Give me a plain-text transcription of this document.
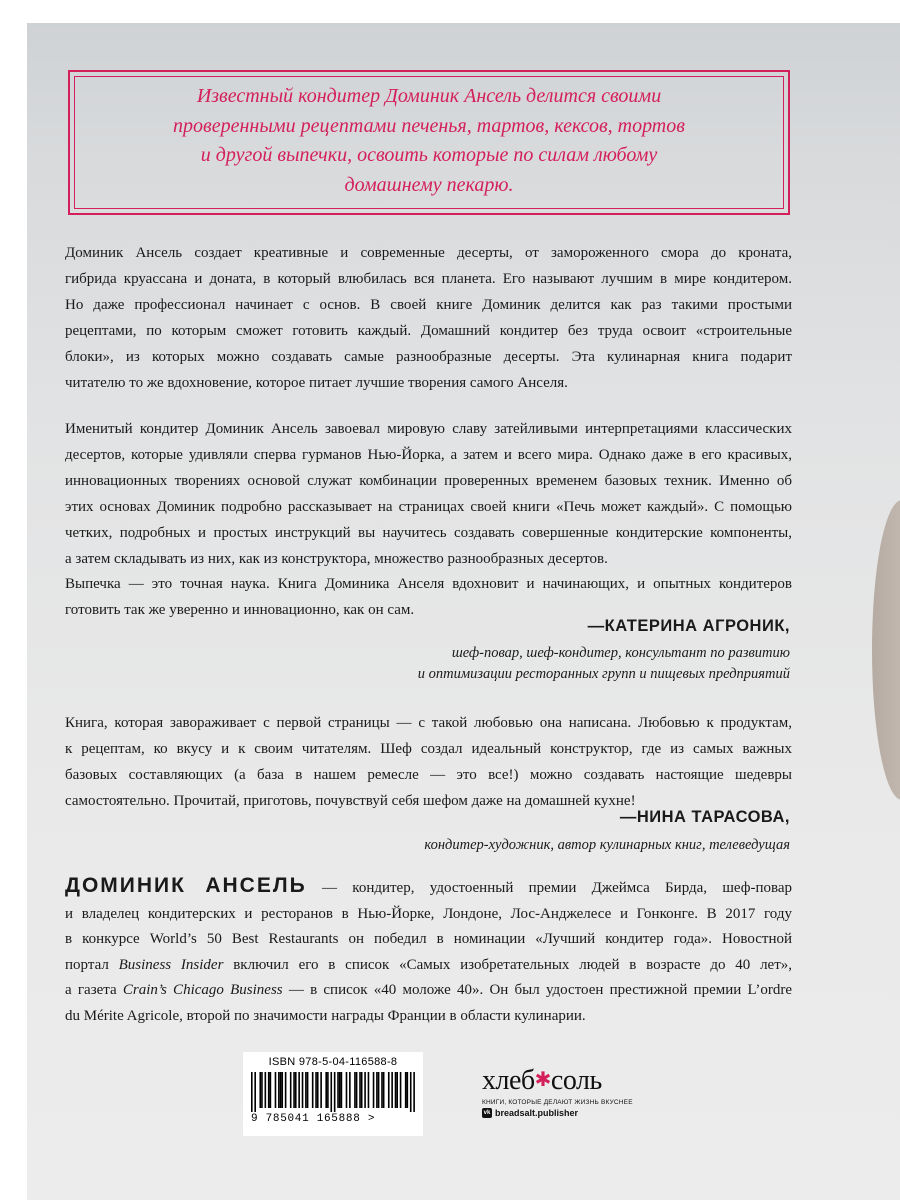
Известный кондитер Доминик Ансель делится своими
проверенными рецептами печенья, тартов, кексов, тортов
и другой выпечки, освоить которые по силам любому
домашнему пекарю.
Доминик Ансель создает креативные и современные десерты, от замороженного смора до кроната,
гибрида круассана и доната, в который влюбилась вся планета. Его называют лучшим в мире кондитером.
Но даже профессионал начинает с основ. В своей книге Доминик делится как раз такими простыми
рецептами, по которым сможет готовить каждый. Домашний кондитер без труда освоит «строительные
блоки», из которых можно создавать самые разнообразные десерты. Эта кулинарная книга подарит
читателю то же вдохновение, которое питает лучшие творения самого Анселя.
Именитый кондитер Доминик Ансель завоевал мировую славу затейливыми интерпретациями классических
десертов, которые удивляли сперва гурманов Нью-Йорка, а затем и всего мира. Однако даже в его красивых,
инновационных творениях основой служат комбинации проверенных временем базовых техник. Именно об
этих основах Доминик подробно рассказывает на страницах своей книги «Печь может каждый». С помощью
четких, подробных и простых инструкций вы научитесь создавать совершенные кондитерские компоненты,
а затем складывать из них, как из конструктора, множество разнообразных десертов.
Выпечка — это точная наука. Книга Доминика Анселя вдохновит и начинающих, и опытных кондитеров
готовить так же уверенно и инновационно, как он сам.
—КАТЕРИНА АГРОНИК,
шеф-повар, шеф-кондитер, консультант по развитию
и оптимизации ресторанных групп и пищевых предприятий
Книга, которая завораживает с первой страницы — с такой любовью она написана. Любовью к продуктам,
к рецептам, ко вкусу и к своим читателям. Шеф создал идеальный конструктор, где из самых важных
базовых составляющих (а база в нашем ремесле — это все!) можно создавать настоящие шедевры
самостоятельно. Прочитай, приготовь, почувствуй себя шефом даже на домашней кухне!
—НИНА ТАРАСОВА,
кондитер-художник, автор кулинарных книг, телеведущая
ДОМИНИК АНСЕЛЬ — кондитер, удостоенный премии Джеймса Бирда, шеф-повар
и владелец кондитерских и ресторанов в Нью-Йорке, Лондоне, Лос-Анджелесе и Гонконге. В 2017 году
в конкурсе World’s 50 Best Restaurants он победил в номинации «Лучший кондитер года». Новостной
портал Business Insider включил его в список «Самых изобретательных людей в возрасте до 40 лет»,
а газета Crain’s Chicago Business — в список «40 моложе 40». Он был удостоен престижной премии L’ordre
du Mérite Agricole, второй по значимости награды Франции в области кулинарии.
ISBN 978-5-04-116588-8
9 785041 165888 >
хлеб✱соль
КНИГИ, КОТОРЫЕ ДЕЛАЮТ ЖИЗНЬ ВКУСНЕЕ
vk breadsalt.publisher
